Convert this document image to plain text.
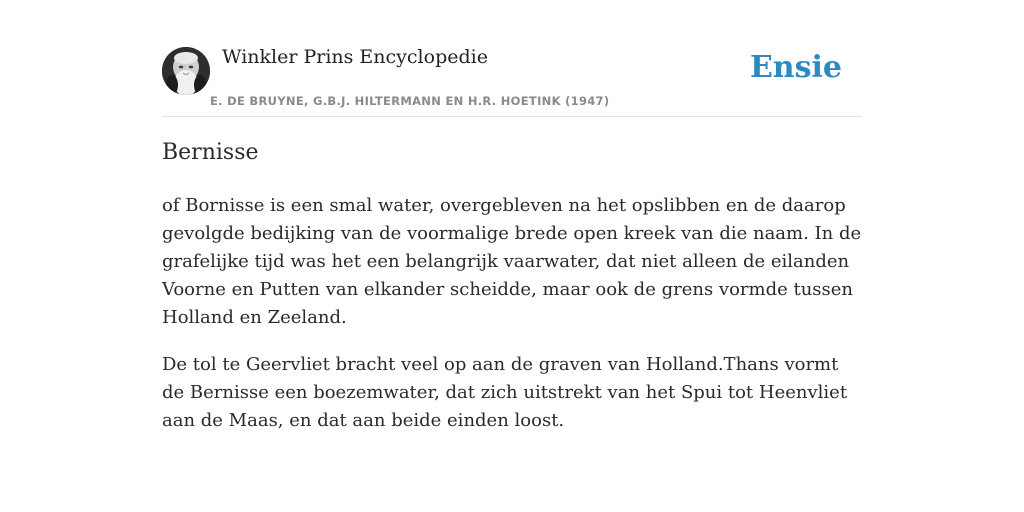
Winkler Prins Encyclopedie
E. DE BRUYNE, G.B.J. HILTERMANN EN H.R. HOETINK (1947)
Ensie
Bernisse

of Bornisse is een smal water, overgebleven na het opslibben en de daarop gevolgde bedijking van de voormalige brede open kreek van die naam. In de grafelijke tijd was het een belangrijk vaarwater, dat niet alleen de eilanden Voorne en Putten van elkander scheidde, maar ook de grens vormde tussen Holland en Zeeland.

De tol te Geervliet bracht veel op aan de graven van Holland.Thans vormt de Bernisse een boezemwater, dat zich uitstrekt van het Spui tot Heenvliet aan de Maas, en dat aan beide einden loost.
